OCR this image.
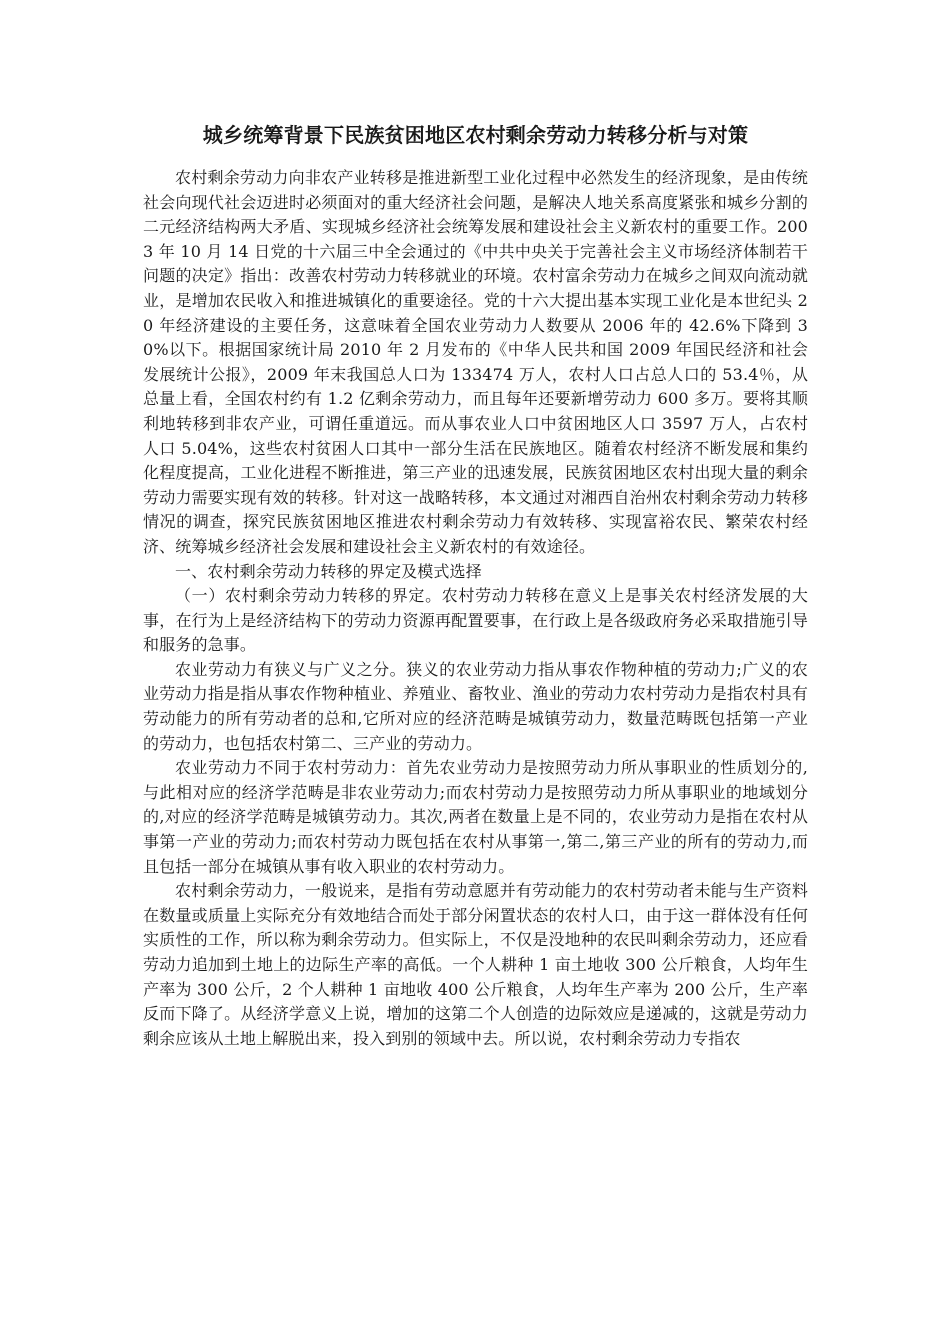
城乡统筹背景下民族贫困地区农村剩余劳动力转移分析与对策

农村剩余劳动力向非农产业转移是推进新型工业化过程中必然发生的经济现象，是由传统社会向现代社会迈进时必须面对的重大经济社会问题，是解决人地关系高度紧张和城乡分割的二元经济结构两大矛盾、实现城乡经济社会统筹发展和建设社会主义新农村的重要工作。2003 年 10 月 14 日党的十六届三中全会通过的《中共中央关于完善社会主义市场经济体制若干问题的决定》指出：改善农村劳动力转移就业的环境。农村富余劳动力在城乡之间双向流动就业，是增加农民收入和推进城镇化的重要途径。党的十六大提出基本实现工业化是本世纪头 20 年经济建设的主要任务，这意味着全国农业劳动力人数要从 2006 年的 42.6%下降到 30%以下。根据国家统计局 2010 年 2 月发布的《中华人民共和国 2009 年国民经济和社会发展统计公报》，2009 年末我国总人口为 133474 万人，农村人口占总人口的 53.4％，从总量上看，全国农村约有 1.2 亿剩余劳动力，而且每年还要新增劳动力 600 多万。要将其顺利地转移到非农产业，可谓任重道远。而从事农业人口中贫困地区人口 3597 万人，占农村人口 5.04%，这些农村贫困人口其中一部分生活在民族地区。随着农村经济不断发展和集约化程度提高，工业化进程不断推进，第三产业的迅速发展，民族贫困地区农村出现大量的剩余劳动力需要实现有效的转移。针对这一战略转移，本文通过对湘西自治州农村剩余劳动力转移情况的调查，探究民族贫困地区推进农村剩余劳动力有效转移、实现富裕农民、繁荣农村经济、统筹城乡经济社会发展和建设社会主义新农村的有效途径。

一、农村剩余劳动力转移的界定及模式选择

（一）农村剩余劳动力转移的界定。农村劳动力转移在意义上是事关农村经济发展的大事，在行为上是经济结构下的劳动力资源再配置要事，在行政上是各级政府务必采取措施引导和服务的急事。

农业劳动力有狭义与广义之分。狭义的农业劳动力指从事农作物种植的劳动力;广义的农业劳动力指是指从事农作物种植业、养殖业、畜牧业、渔业的劳动力农村劳动力是指农村具有劳动能力的所有劳动者的总和,它所对应的经济范畴是城镇劳动力，数量范畴既包括第一产业的劳动力，也包括农村第二、三产业的劳动力。

农业劳动力不同于农村劳动力：首先农业劳动力是按照劳动力所从事职业的性质划分的,与此相对应的经济学范畴是非农业劳动力;而农村劳动力是按照劳动力所从事职业的地域划分的,对应的经济学范畴是城镇劳动力。其次,两者在数量上是不同的，农业劳动力是指在农村从事第一产业的劳动力;而农村劳动力既包括在农村从事第一,第二,第三产业的所有的劳动力,而且包括一部分在城镇从事有收入职业的农村劳动力。

农村剩余劳动力，一般说来，是指有劳动意愿并有劳动能力的农村劳动者未能与生产资料在数量或质量上实际充分有效地结合而处于部分闲置状态的农村人口，由于这一群体没有任何实质性的工作，所以称为剩余劳动力。但实际上，不仅是没地种的农民叫剩余劳动力，还应看劳动力追加到土地上的边际生产率的高低。一个人耕种 1 亩土地收 300 公斤粮食，人均年生产率为 300 公斤，2 个人耕种 1 亩地收 400 公斤粮食，人均年生产率为 200 公斤，生产率反而下降了。从经济学意义上说，增加的这第二个人创造的边际效应是递减的，这就是劳动力剩余应该从土地上解脱出来，投入到别的领域中去。所以说，农村剩余劳动力专指农
